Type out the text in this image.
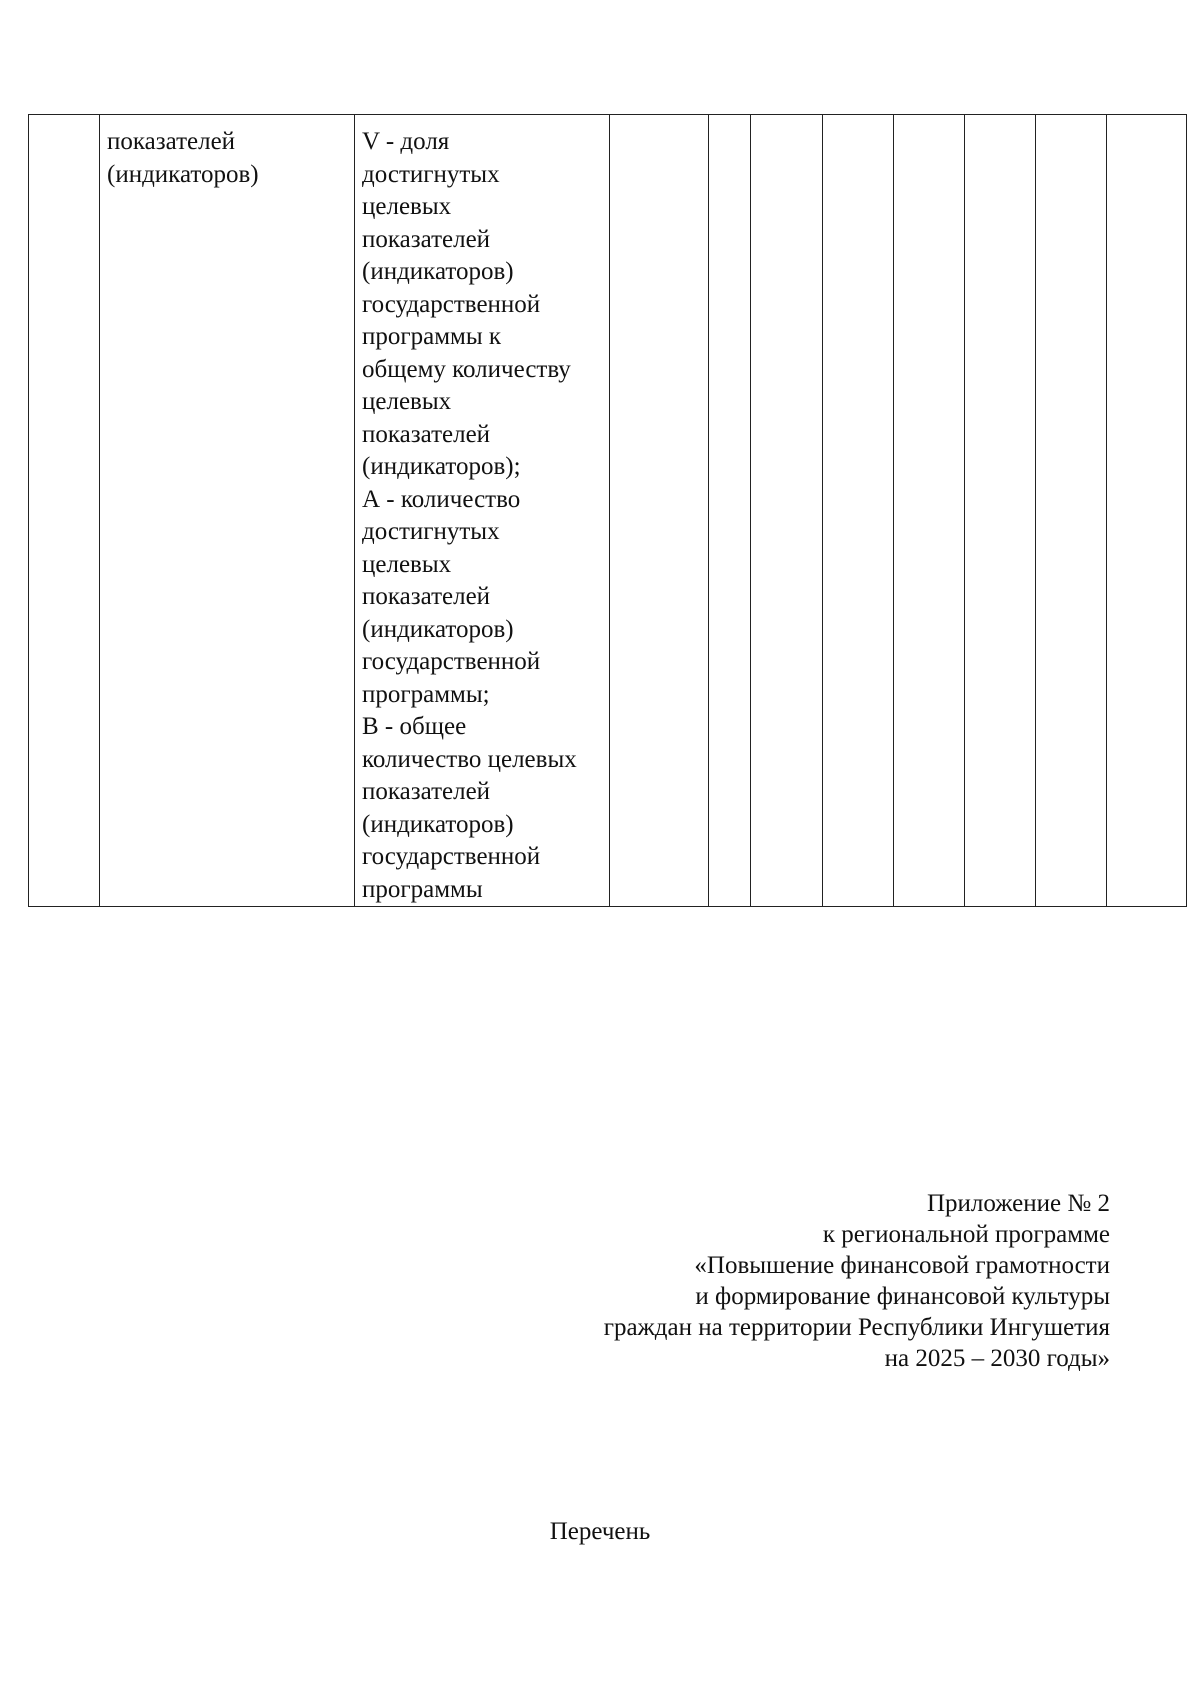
показателей
(индикаторов)

V - доля
достигнутых
целевых
показателей
(индикаторов)
государственной
программы к
общему количеству
целевых
показателей
(индикаторов);
А - количество
достигнутых
целевых
показателей
(индикаторов)
государственной
программы;
В - общее
количество целевых
показателей
(индикаторов)
государственной
программы

Приложение № 2
к региональной программе
«Повышение финансовой грамотности
и формирование финансовой культуры
граждан на территории Республики Ингушетия
на 2025 – 2030 годы»
Перечень
